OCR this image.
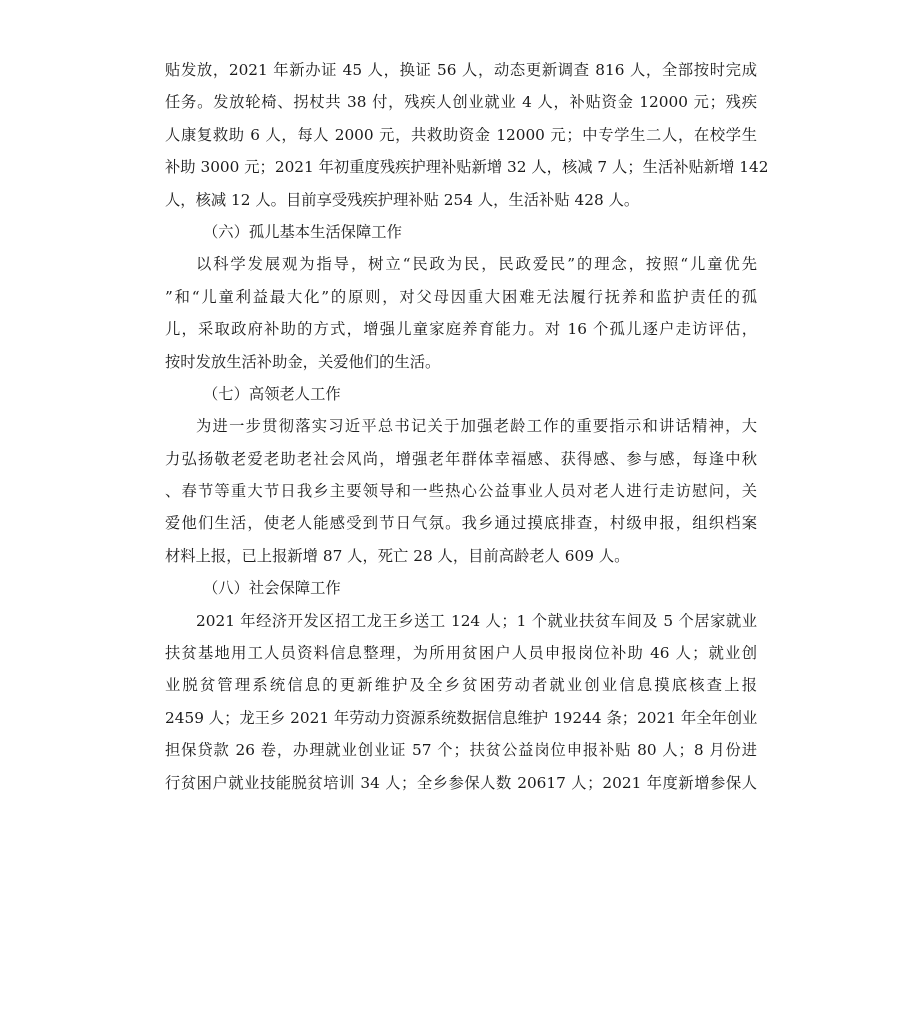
贴发放，2021 年新办证 45 人，换证 56 人，动态更新调查 816 人，全部按时完成
任务。发放轮椅、拐杖共 38 付，残疾人创业就业 4 人，补贴资金 12000 元；残疾
人康复救助 6 人，每人 2000 元，共救助资金 12000 元；中专学生二人，在校学生
补助 3000 元；2021 年初重度残疾护理补贴新增 32 人，核减 7 人；生活补贴新增 142
人，核减 12 人。目前享受残疾护理补贴 254 人，生活补贴 428 人。
（六）孤儿基本生活保障工作
以科学发展观为指导，树立“民政为民，民政爱民”的理念，按照“儿童优先
”和“儿童利益最大化”的原则，对父母因重大困难无法履行抚养和监护责任的孤
儿，采取政府补助的方式，增强儿童家庭养育能力。对 16 个孤儿逐户走访评估，
按时发放生活补助金，关爱他们的生活。
（七）高领老人工作
为进一步贯彻落实习近平总书记关于加强老龄工作的重要指示和讲话精神，大
力弘扬敬老爱老助老社会风尚，增强老年群体幸福感、获得感、参与感，每逢中秋
、春节等重大节日我乡主要领导和一些热心公益事业人员对老人进行走访慰问，关
爱他们生活，使老人能感受到节日气氛。我乡通过摸底排查，村级申报，组织档案
材料上报，已上报新增 87 人，死亡 28 人，目前高龄老人 609 人。
（八）社会保障工作
2021 年经济开发区招工龙王乡送工 124 人；1 个就业扶贫车间及 5 个居家就业
扶贫基地用工人员资料信息整理，为所用贫困户人员申报岗位补助 46 人；就业创
业脱贫管理系统信息的更新维护及全乡贫困劳动者就业创业信息摸底核查上报
2459 人；龙王乡 2021 年劳动力资源系统数据信息维护 19244 条；2021 年全年创业
担保贷款 26 卷，办理就业创业证 57 个；扶贫公益岗位申报补贴 80 人；8 月份进
行贫困户就业技能脱贫培训 34 人；全乡参保人数 20617 人；2021 年度新增参保人
